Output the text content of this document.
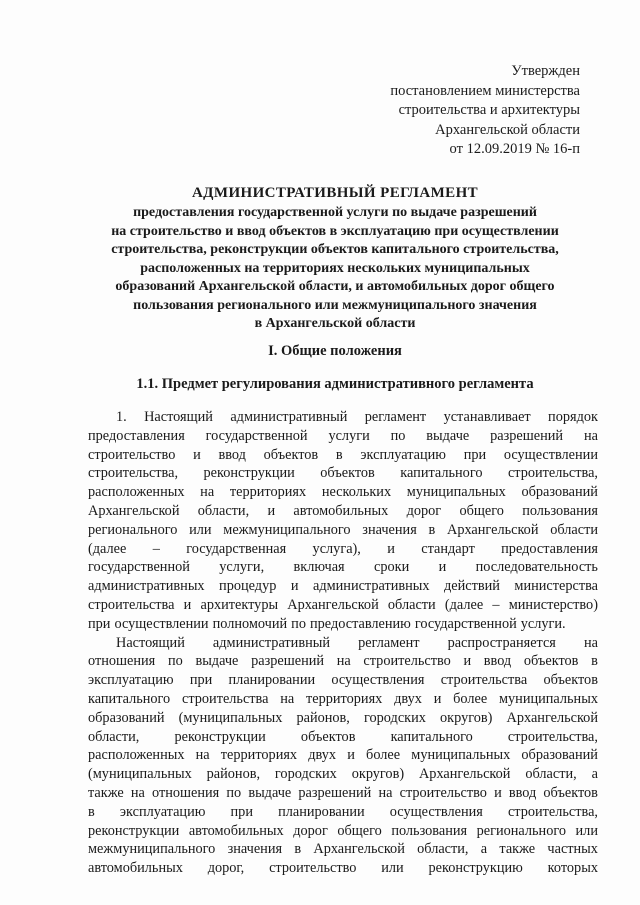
Утвержден
постановлением министерства
строительства и архитектуры
Архангельской области
от 12.09.2019 № 16-п
АДМИНИСТРАТИВНЫЙ РЕГЛАМЕНТ
предоставления государственной услуги по выдаче разрешений
на строительство и ввод объектов в эксплуатацию при осуществлении
строительства, реконструкции объектов капитального строительства,
расположенных на территориях нескольких муниципальных
образований Архангельской области, и автомобильных дорог общего
пользования регионального или межмуниципального значения
в Архангельской области
I. Общие положения
1.1. Предмет регулирования административного регламента
1. Настоящий административный регламент устанавливает порядок
предоставления государственной услуги по выдаче разрешений на
строительство и ввод объектов в эксплуатацию при осуществлении
строительства, реконструкции объектов капитального строительства,
расположенных на территориях нескольких муниципальных образований
Архангельской области, и автомобильных дорог общего пользования
регионального или межмуниципального значения в Архангельской области
(далее – государственная услуга), и стандарт предоставления
государственной услуги, включая сроки и последовательность
административных процедур и административных действий министерства
строительства и архитектуры Архангельской области (далее – министерство)
при осуществлении полномочий по предоставлению государственной услуги.
Настоящий административный регламент распространяется на
отношения по выдаче разрешений на строительство и ввод объектов в
эксплуатацию при планировании осуществления строительства объектов
капитального строительства на территориях двух и более муниципальных
образований (муниципальных районов, городских округов) Архангельской
области, реконструкции объектов капитального строительства,
расположенных на территориях двух и более муниципальных образований
(муниципальных районов, городских округов) Архангельской области, а
также на отношения по выдаче разрешений на строительство и ввод объектов
в эксплуатацию при планировании осуществления строительства,
реконструкции автомобильных дорог общего пользования регионального или
межмуниципального значения в Архангельской области, а также частных
автомобильных дорог, строительство или реконструкцию которых
